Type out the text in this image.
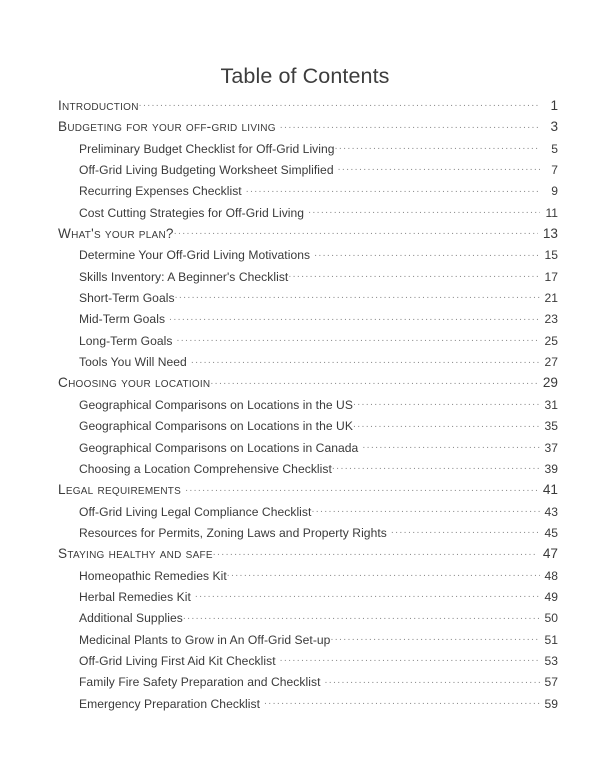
Table of Contents
Introduction .....	1
Budgeting for your off-grid living .....	3
Preliminary Budget Checklist for Off-Grid Living .....	5
Off-Grid Living Budgeting Worksheet Simplified .....	7
Recurring Expenses Checklist .....	9
Cost Cutting Strategies for Off-Grid Living .....	11
What's your plan? .....	13
Determine Your Off-Grid Living Motivations .....	15
Skills Inventory: A Beginner's Checklist .....	17
Short-Term Goals .....	21
Mid-Term Goals .....	23
Long-Term Goals .....	25
Tools You Will Need .....	27
Choosing your locatioin .....	29
Geographical Comparisons on Locations in the US .....	31
Geographical Comparisons on Locations in the UK .....	35
Geographical Comparisons on Locations in Canada .....	37
Choosing a Location Comprehensive Checklist .....	39
Legal requirements .....	41
Off-Grid Living Legal Compliance Checklist .....	43
Resources for Permits, Zoning Laws and Property Rights .....	45
Staying healthy and safe .....	47
Homeopathic Remedies Kit .....	48
Herbal Remedies Kit .....	49
Additional Supplies .....	50
Medicinal Plants to Grow in An Off-Grid Set-up .....	51
Off-Grid Living First Aid Kit Checklist .....	53
Family Fire Safety Preparation and Checklist .....	57
Emergency Preparation Checklist .....	59
